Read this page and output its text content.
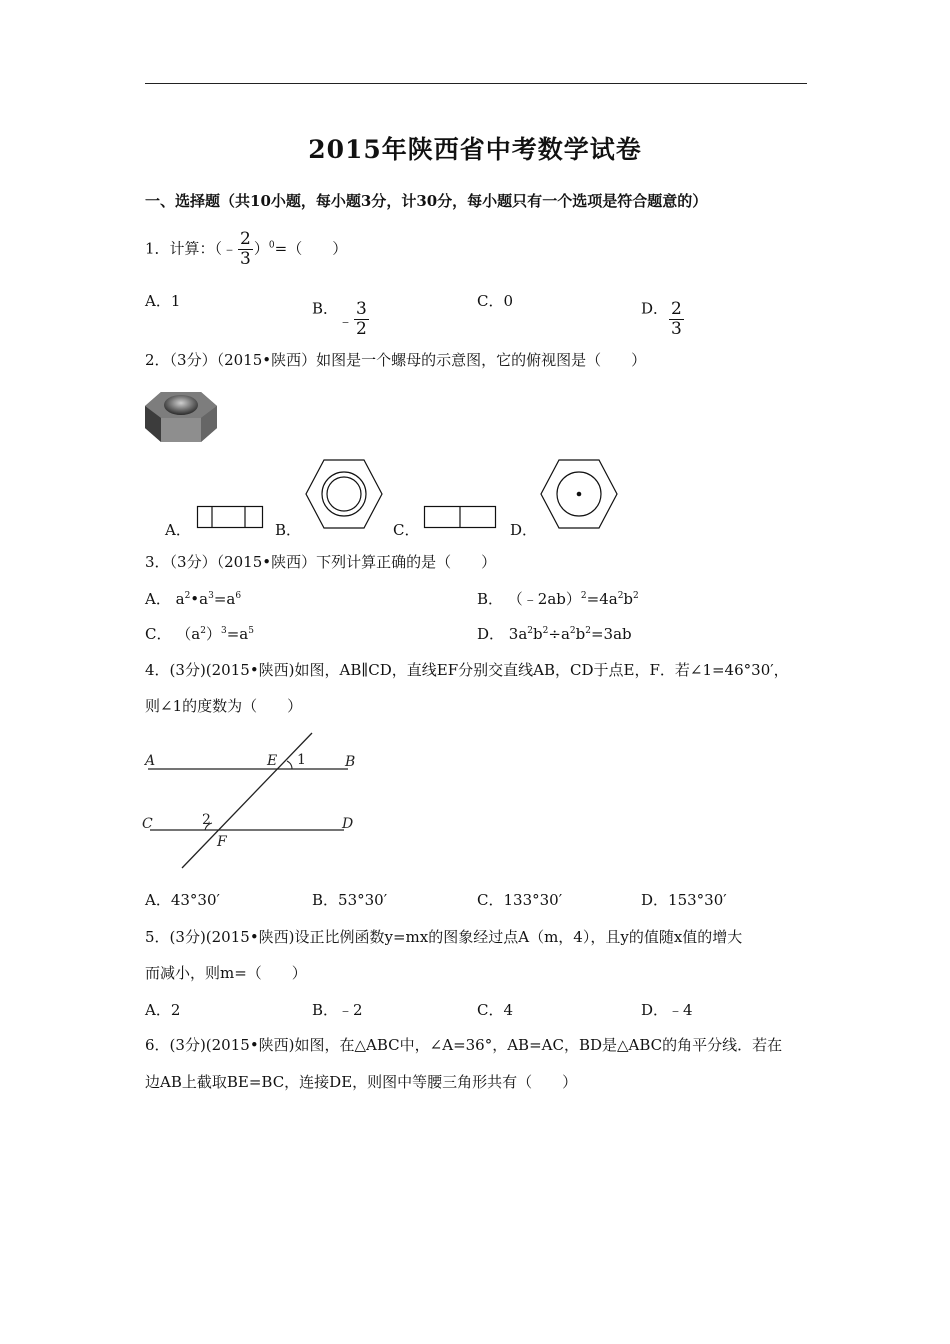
2015年陕西省中考数学试卷
一、选择题（共10小题，每小题3分，计30分，每小题只有一个选项是符合题意的）
1．计算：（﹣ $\frac{2}{3} )^0=$（　　）
A．1	B．﹣ $\frac{3}{2}$	C．0	D． $\frac{2}{3}$
2．（3分）（2015•陕西）如图是一个螺母的示意图，它的俯视图是（　　）
A．	B．	C．	D．
3．（3分）（2015•陕西）下列计算正确的是（　　）
A． $a^2•a^3=a^6$	B． $(﹣2ab)^2=4a^2b^2$
C． $(a^2)^3=a^5$	D． $3a^2b^2\div a^2b^2=3ab$
4．(3分)(2015•陕西)如图，AB∥CD，直线EF分别交直线AB，CD于点E，F．若∠1=46°30′，
则∠1的度数为（　　）
A	E 1	B
C	2
F
D
A．43°30′	B．53°30′	C．133°30′	D．153°30′
5．(3分)(2015•陕西)设正比例函数y=mx的图象经过点A（m，4），且y的值随x值的增大
而减小，则m=（　　）
A．2	B．﹣2	C．4	D．﹣4
6．(3分)(2015•陕西)如图，在△ABC中，∠A=36°，AB=AC，BD是△ABC的角平分线．若在
边AB上截取BE=BC，连接DE，则图中等腰三角形共有（　　）
